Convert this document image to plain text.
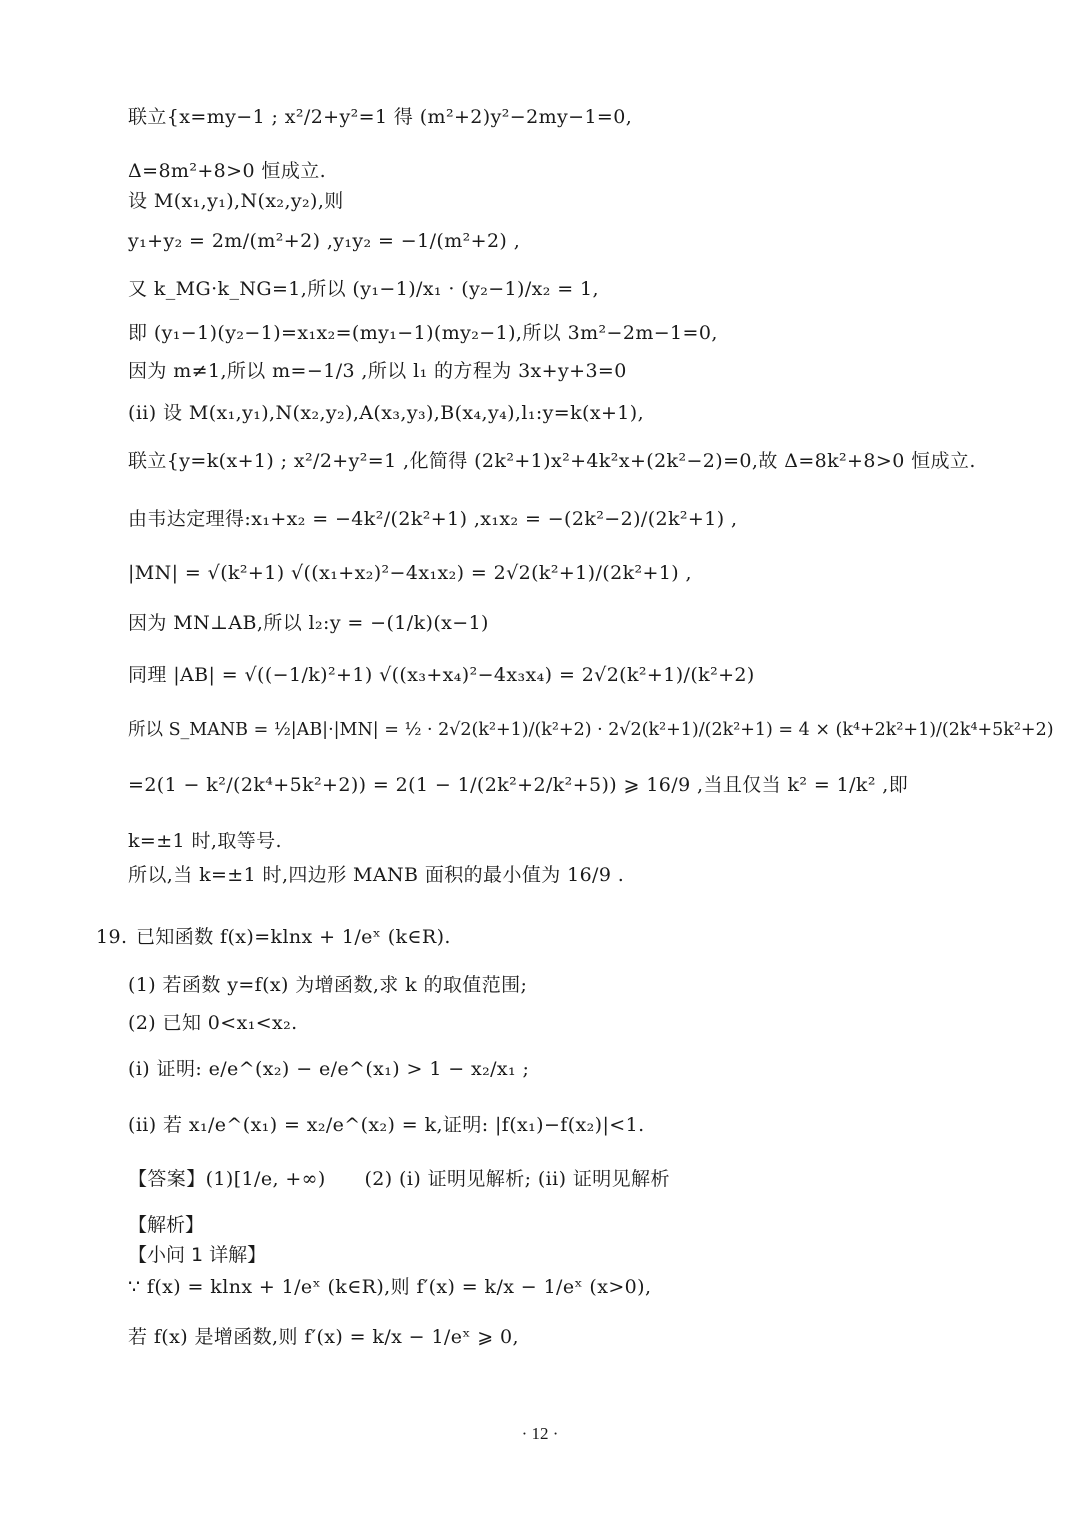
联立{x=my−1 ; x²/2+y²=1 得 (m²+2)y²−2my−1=0,
Δ=8m²+8>0 恒成立.
设 M(x₁,y₁),N(x₂,y₂),则
y₁+y₂ = 2m/(m²+2) ,y₁y₂ = −1/(m²+2) ,
又 k_MG·k_NG=1,所以 (y₁−1)/x₁ · (y₂−1)/x₂ = 1,
即 (y₁−1)(y₂−1)=x₁x₂=(my₁−1)(my₂−1),所以 3m²−2m−1=0,
因为 m≠1,所以 m=−1/3 ,所以 l₁ 的方程为 3x+y+3=0
(ii) 设 M(x₁,y₁),N(x₂,y₂),A(x₃,y₃),B(x₄,y₄),l₁:y=k(x+1),
联立{y=k(x+1) ; x²/2+y²=1 ,化简得 (2k²+1)x²+4k²x+(2k²−2)=0,故 Δ=8k²+8>0 恒成立.
由韦达定理得:x₁+x₂ = −4k²/(2k²+1) ,x₁x₂ = −(2k²−2)/(2k²+1) ,
|MN| = √(k²+1) √((x₁+x₂)²−4x₁x₂) = 2√2(k²+1)/(2k²+1) ,
因为 MN⊥AB,所以 l₂:y = −(1/k)(x−1)
同理 |AB| = √((−1/k)²+1) √((x₃+x₄)²−4x₃x₄) = 2√2(k²+1)/(k²+2)
所以 S_MANB = ½|AB|·|MN| = ½ · 2√2(k²+1)/(k²+2) · 2√2(k²+1)/(2k²+1) = 4 × (k⁴+2k²+1)/(2k⁴+5k²+2)
=2(1 − k²/(2k⁴+5k²+2)) = 2(1 − 1/(2k²+2/k²+5)) ⩾ 16/9 ,当且仅当 k² = 1/k² ,即
k=±1 时,取等号.
所以,当 k=±1 时,四边形 MANB 面积的最小值为 16/9 .
19. 已知函数 f(x)=klnx + 1/eˣ (k∈R).
(1) 若函数 y=f(x) 为增函数,求 k 的取值范围;
(2) 已知 0<x₁<x₂.
(i) 证明: e/e^(x₂) − e/e^(x₁) > 1 − x₂/x₁ ;
(ii) 若 x₁/e^(x₁) = x₂/e^(x₂) = k,证明: |f(x₁)−f(x₂)|<1.
【答案】(1)[1/e, +∞)　　(2) (i) 证明见解析; (ii) 证明见解析
【解析】
【小问 1 详解】
∵ f(x) = klnx + 1/eˣ (k∈R),则 f′(x) = k/x − 1/eˣ (x>0),
若 f(x) 是增函数,则 f′(x) = k/x − 1/eˣ ⩾ 0,
· 12 ·
